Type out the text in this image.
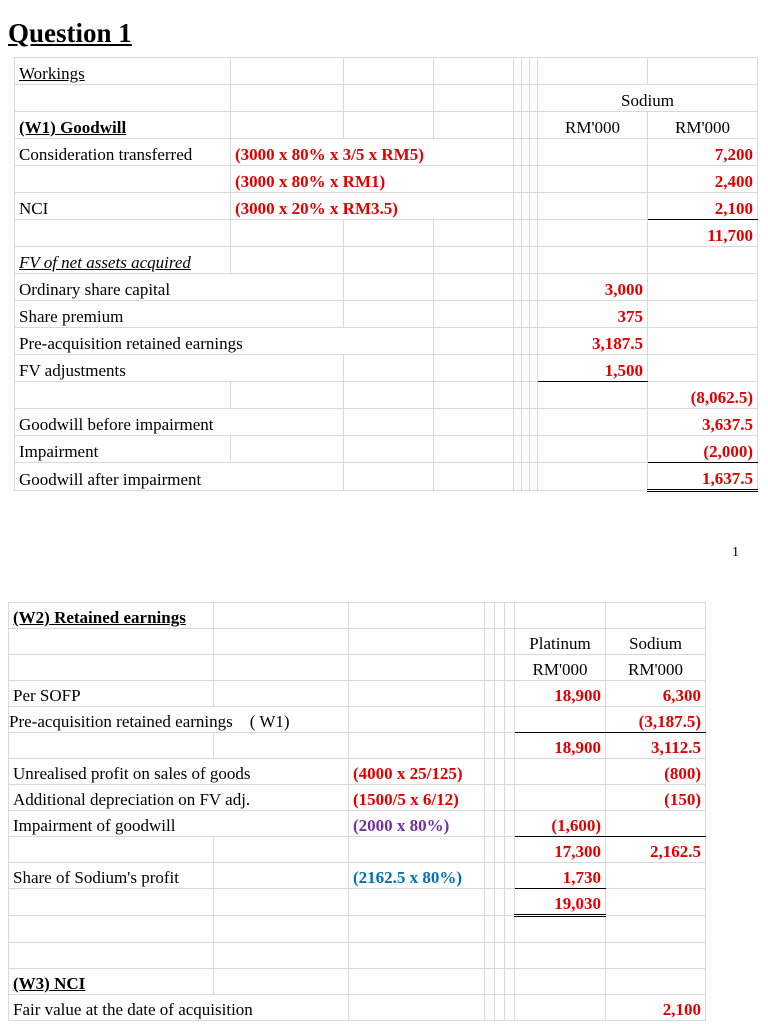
Question 1
Workings								
							Sodium	
(W1) Goodwill							RM'000	RM'000
Consideration transferred	(3000 x 80% x 3/5 x RM5)							7,200
	(3000 x 80% x RM1)							2,400
NCI	(3000 x 20% x RM3.5)							2,100
								11,700
FV of net assets acquired								
Ordinary share capital							3,000	
Share premium							375	
Pre-acquisition retained earnings							3,187.5	
FV adjustments							1,500	
								(8,062.5)
Goodwill before impairment								3,637.5
Impairment								(2,000)
Goodwill after impairment								1,637.5
1
(W2) Retained earnings							
						Platinum	Sodium
						RM'000	RM'000
Per SOFP						18,900	6,300
Pre-acquisition retained earnings ( W1)							(3,187.5)
						18,900	3,112.5
Unrealised profit on sales of goods		(4000 x 25/125)					(800)
Additional depreciation on FV adj.		(1500/5 x 6/12)					(150)
Impairment of goodwill		(2000 x 80%)				(1,600)	
						17,300	2,162.5
Share of Sodium's profit		(2162.5 x 80%)				1,730	
						19,030	

(W3) NCI							
Fair value at the date of acquisition							2,100
